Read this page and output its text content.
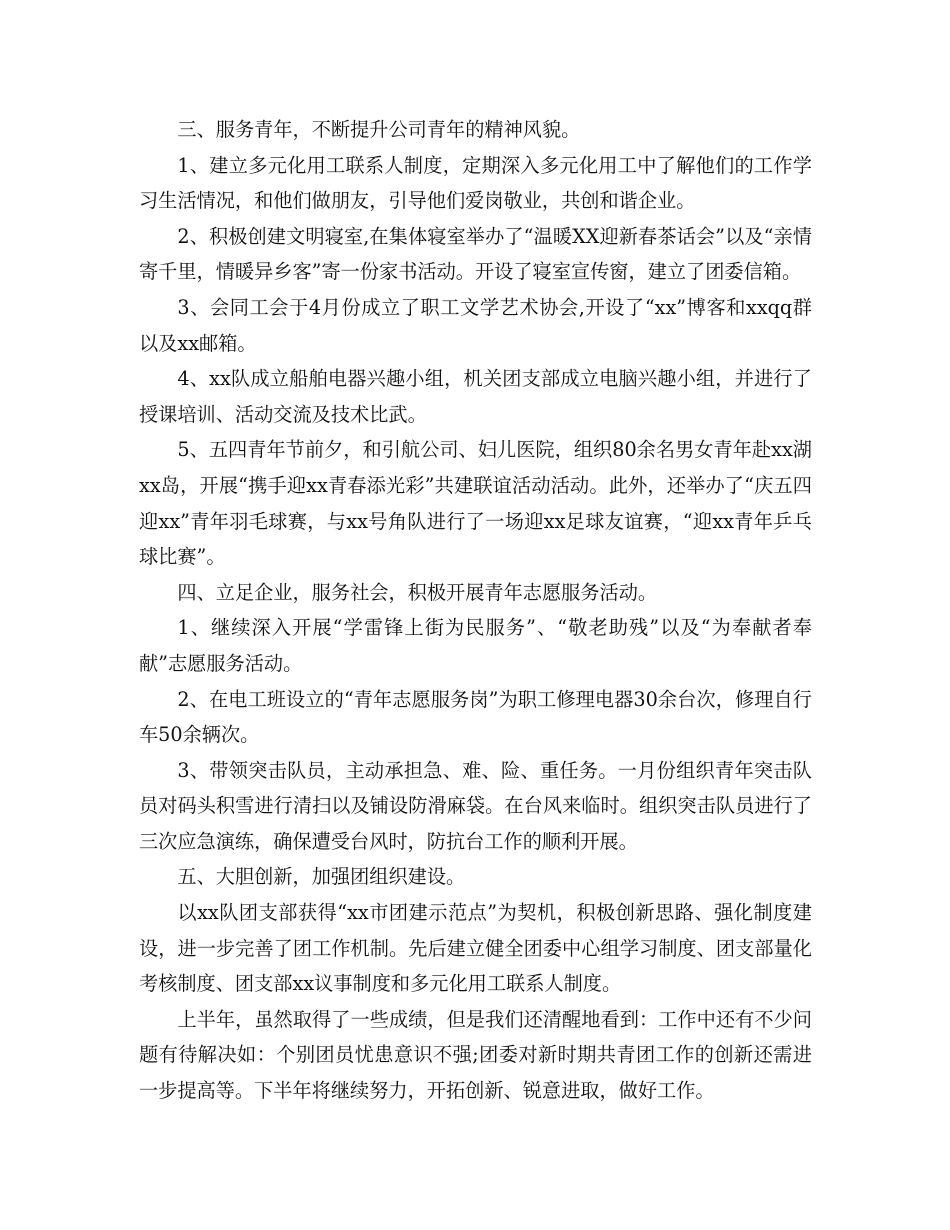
三、服务青年，不断提升公司青年的精神风貌。

1、建立多元化用工联系人制度，定期深入多元化用工中了解他们的工作学习生活情况，和他们做朋友，引导他们爱岗敬业，共创和谐企业。

2、积极创建文明寝室,在集体寝室举办了“温暖XX迎新春茶话会”以及“亲情寄千里，情暖异乡客”寄一份家书活动。开设了寝室宣传窗，建立了团委信箱。

3、会同工会于4月份成立了职工文学艺术协会,开设了“xx”博客和xxqq群以及xx邮箱。

4、xx队成立船舶电器兴趣小组，机关团支部成立电脑兴趣小组，并进行了授课培训、活动交流及技术比武。

5、五四青年节前夕，和引航公司、妇儿医院，组织80余名男女青年赴xx湖xx岛，开展“携手迎xx青春添光彩”共建联谊活动活动。此外，还举办了“庆五四迎xx”青年羽毛球赛，与xx号角队进行了一场迎xx足球友谊赛，“迎xx青年乒乓球比赛”。

四、立足企业，服务社会，积极开展青年志愿服务活动。

1、继续深入开展“学雷锋上街为民服务”、“敬老助残”以及“为奉献者奉献”志愿服务活动。

2、在电工班设立的“青年志愿服务岗”为职工修理电器30余台次，修理自行车50余辆次。

3、带领突击队员，主动承担急、难、险、重任务。一月份组织青年突击队员对码头积雪进行清扫以及铺设防滑麻袋。在台风来临时。组织突击队员进行了三次应急演练，确保遭受台风时，防抗台工作的顺利开展。

五、大胆创新，加强团组织建设。

以xx队团支部获得“xx市团建示范点”为契机，积极创新思路、强化制度建设，进一步完善了团工作机制。先后建立健全团委中心组学习制度、团支部量化考核制度、团支部xx议事制度和多元化用工联系人制度。

上半年，虽然取得了一些成绩，但是我们还清醒地看到：工作中还有不少问题有待解决如：个别团员忧患意识不强;团委对新时期共青团工作的创新还需进一步提高等。下半年将继续努力，开拓创新、锐意进取，做好工作。
